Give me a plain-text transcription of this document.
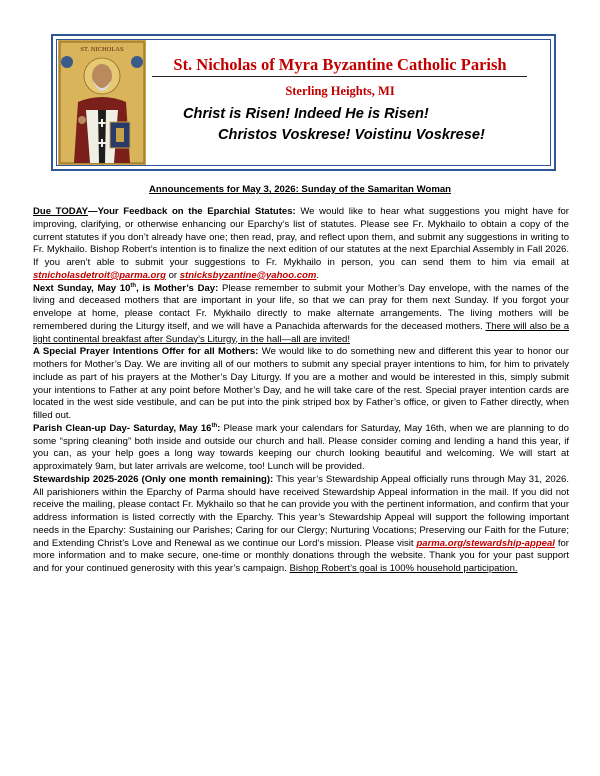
ST. NICHOLAS
St. Nicholas of Myra Byzantine Catholic Parish
Sterling Heights, MI
Christ is Risen! Indeed He is Risen!
Christos Voskrese! Voistinu Voskrese!
Announcements for May 3, 2026: Sunday of the Samaritan Woman

Due TODAY—Your Feedback on the Eparchial Statutes: We would like to hear what suggestions you might have for improving, clarifying, or otherwise enhancing our Eparchy’s list of statutes. Please see Fr. Mykhailo to obtain a copy of the current statutes if you don’t already have one; then read, pray, and reflect upon them, and submit any suggestions in writing to Fr. Mykhailo. Bishop Robert’s intention is to finalize the next edition of our statutes at the next Eparchial Assembly in Fall 2026. If you aren’t able to submit your suggestions to Fr. Mykhailo in person, you can send them to him via email at stnicholasdetroit@parma.org or stnicksbyzantine@yahoo.com.

Next Sunday, May 10th, is Mother’s Day: Please remember to submit your Mother’s Day envelope, with the names of the living and deceased mothers that are important in your life, so that we can pray for them next Sunday. If you forgot your envelope at home, please contact Fr. Mykhailo directly to make alternate arrangements. The living mothers will be remembered during the Liturgy itself, and we will have a Panachida afterwards for the deceased mothers. There will also be a light continental breakfast after Sunday’s Liturgy, in the hall—all are invited!

A Special Prayer Intentions Offer for all Mothers: We would like to do something new and different this year to honor our mothers for Mother’s Day. We are inviting all of our mothers to submit any special prayer intentions to him, for him to privately include as part of his prayers at the Mother’s Day Liturgy. If you are a mother and would be interested in this, simply submit your intentions to Father at any point before Mother’s Day, and he will take care of the rest. Special prayer intention cards are located in the west side vestibule, and can be put into the pink striped box by Father’s office, or given to Father directly, when filled out.

Parish Clean-up Day- Saturday, May 16th: Please mark your calendars for Saturday, May 16th, when we are planning to do some “spring cleaning” both inside and outside our church and hall. Please consider coming and lending a hand this year, if you can, as your help goes a long way towards keeping our church looking beautiful and welcoming. We will start at approximately 9am, but later arrivals are welcome, too! Lunch will be provided.

Stewardship 2025-2026 (Only one month remaining): This year’s Stewardship Appeal officially runs through May 31, 2026. All parishioners within the Eparchy of Parma should have received Stewardship Appeal information in the mail. If you did not receive the mailing, please contact Fr. Mykhailo so that he can provide you with the pertinent information, and confirm that your address information is listed correctly with the Eparchy. This year’s Stewardship Appeal will support the following important needs in the Eparchy: Sustaining our Parishes; Caring for our Clergy; Nurturing Vocations; Preserving our Faith for the Future; and Extending Christ’s Love and Renewal as we continue our Lord’s mission. Please visit parma.org/stewardship-appeal for more information and to make secure, one-time or monthly donations through the website. Thank you for your past support and for your continued generosity with this year’s campaign. Bishop Robert’s goal is 100% household participation.
